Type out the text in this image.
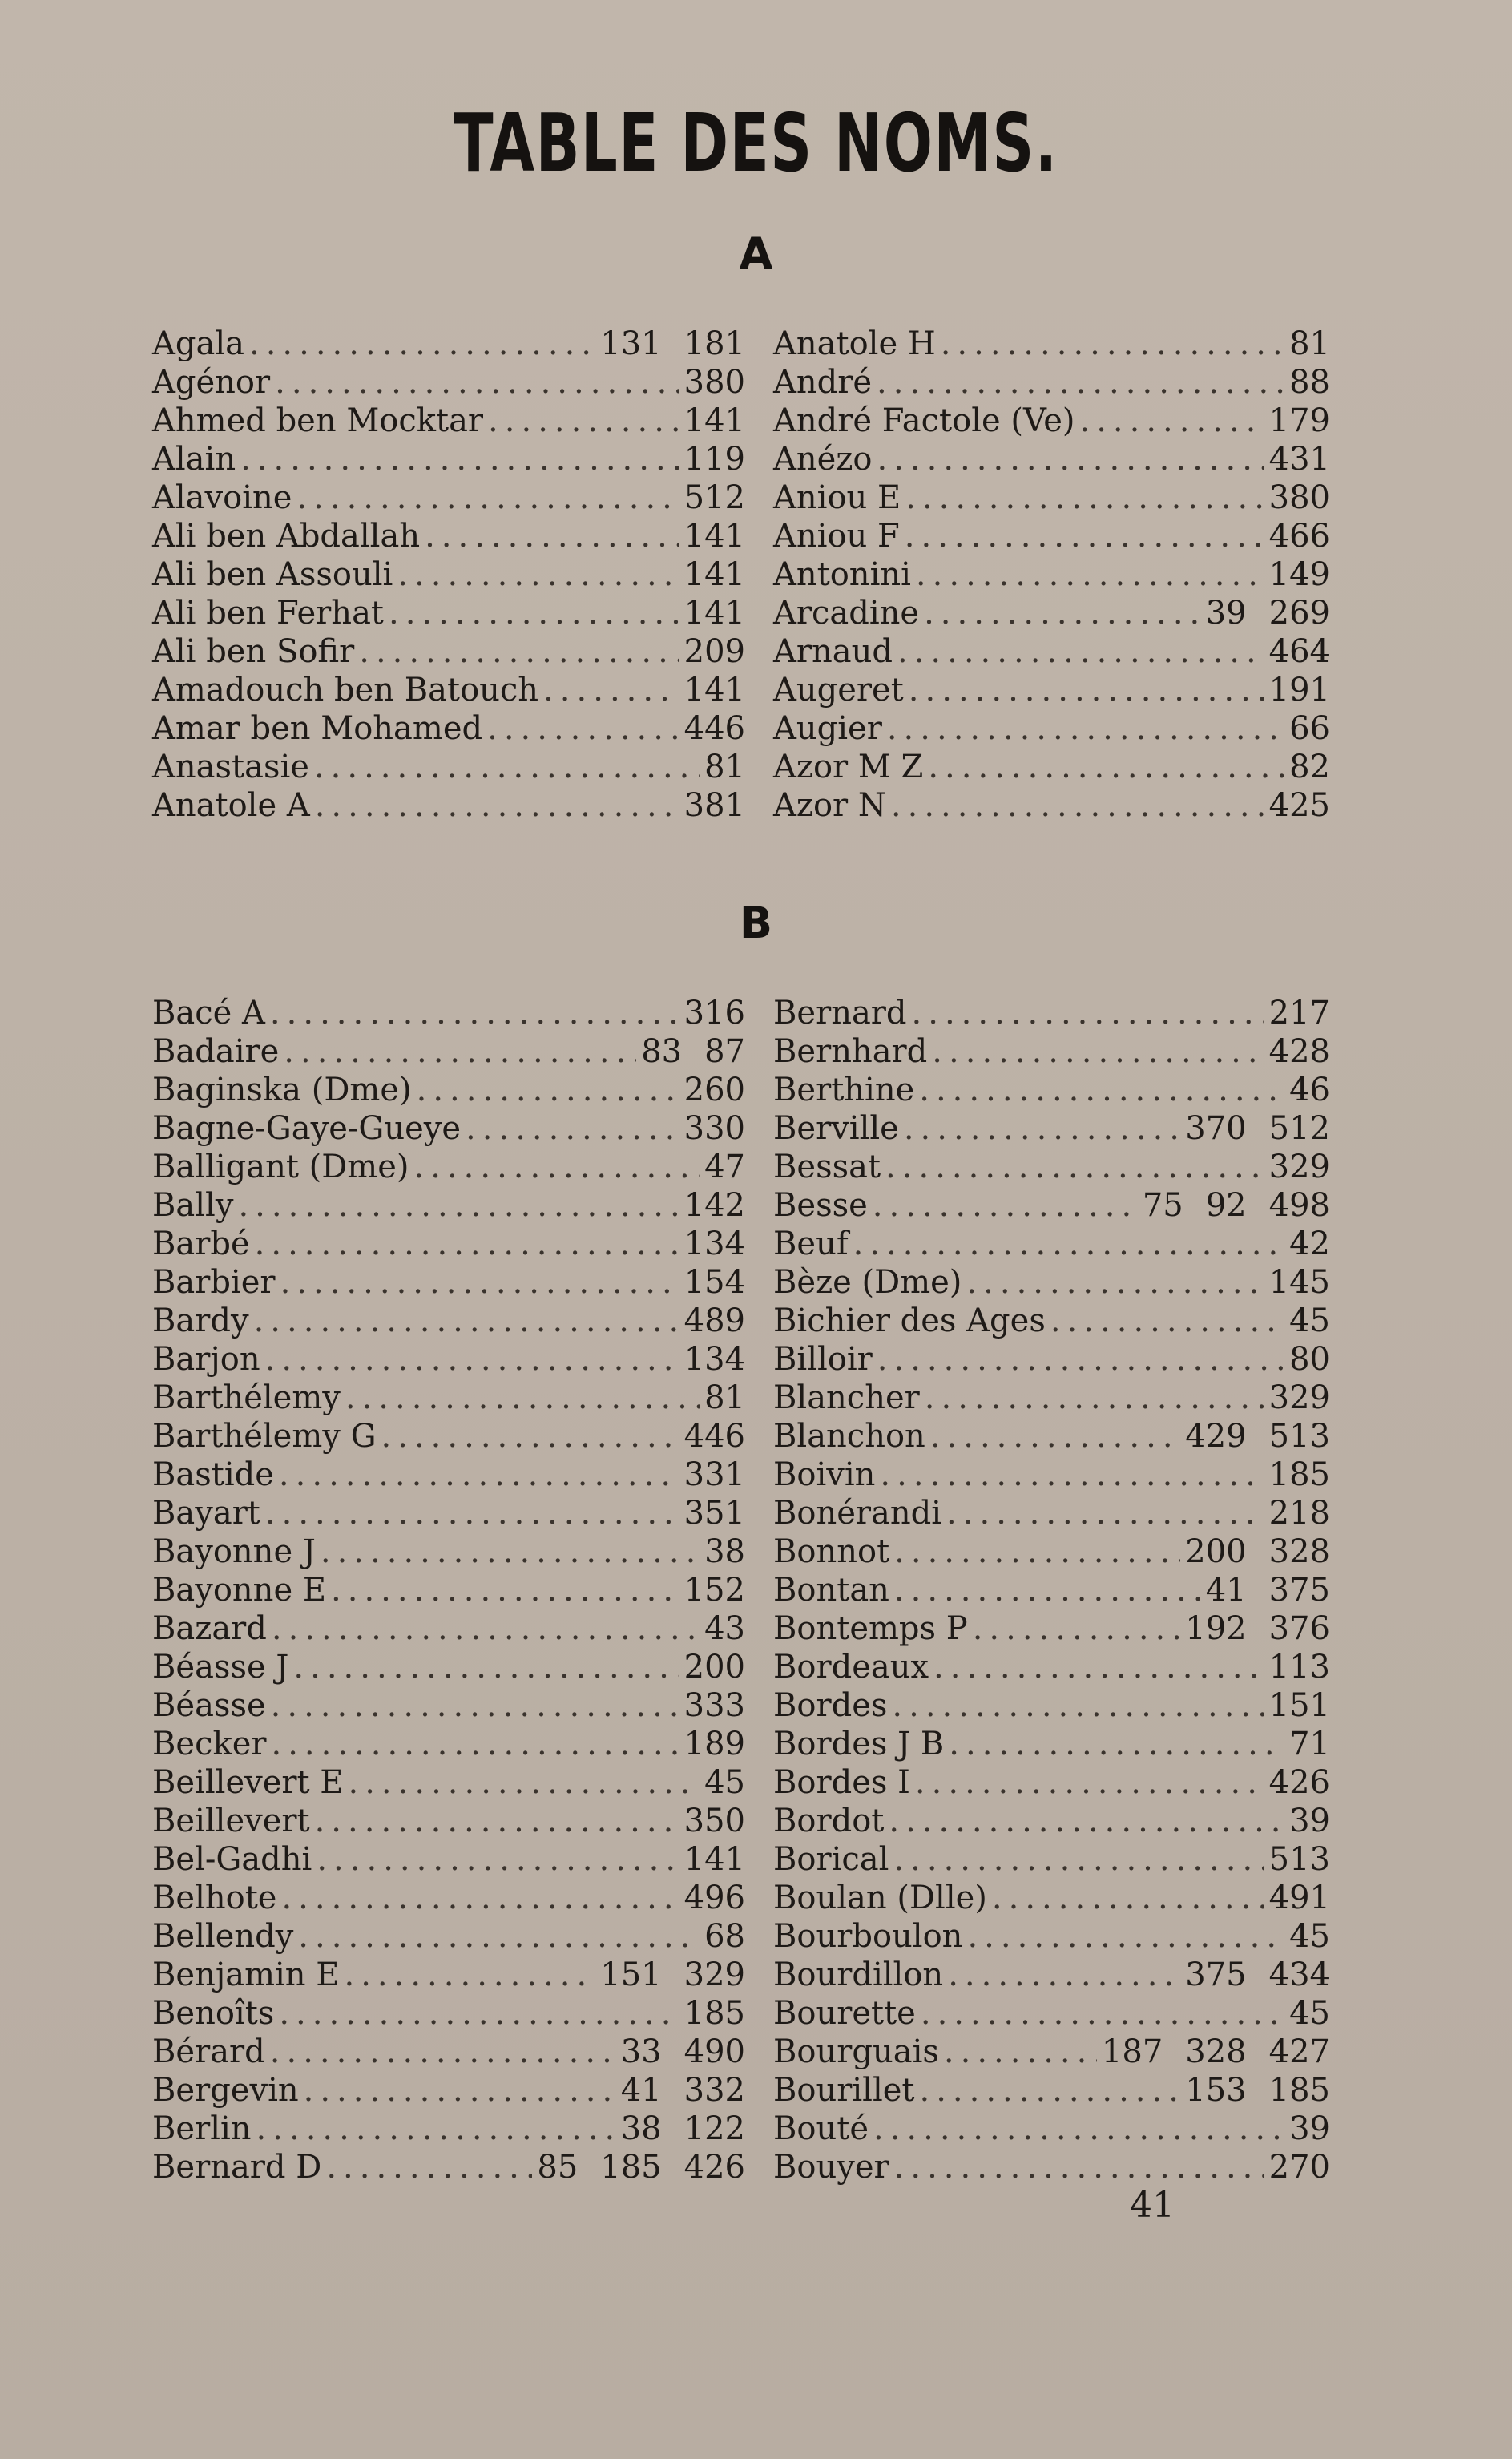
TABLE DES NOMS.
A
Agala .....	131 181
Agénor .....	380
Ahmed ben Mocktar .....	141
Alain .....	119
Alavoine .....	512
Ali ben Abdallah .....	141
Ali ben Assouli .....	141
Ali ben Ferhat .....	141
Ali ben Sofir .....	209
Amadouch ben Batouch .....	141
Amar ben Mohamed .....	446
Anastasie .....	81
Anatole A .....	381
Anatole H .....	81
André .....	88
André Factole (Ve) .....	179
Anézo .....	431
Aniou E .....	380
Aniou F .....	466
Antonini .....	149
Arcadine .....	39 269
Arnaud .....	464
Augeret .....	191
Augier .....	66
Azor M Z .....	82
Azor N .....	425
B
Bacé A .....	316
Badaire .....	83 87
Baginska (Dme) .....	260
Bagne-Gaye-Gueye .....	330
Balligant (Dme) .....	47
Bally .....	142
Barbé .....	134
Barbier .....	154
Bardy .....	489
Barjon .....	134
Barthélemy .....	81
Barthélemy G .....	446
Bastide .....	331
Bayart .....	351
Bayonne J .....	38
Bayonne E .....	152
Bazard .....	43
Béasse J .....	200
Béasse .....	333
Becker .....	189
Beillevert E .....	45
Beillevert .....	350
Bel-Gadhi .....	141
Belhote .....	496
Bellendy .....	68
Benjamin E .....	151 329
Benoîts .....	185
Bérard .....	33 490
Bergevin .....	41 332
Berlin .....	38 122
Bernard D .....	85 185 426
Bernard .....	217
Bernhard .....	428
Berthine .....	46
Berville .....	370 512
Bessat .....	329
Besse .....	75 92 498
Beuf .....	42
Bèze (Dme) .....	145
Bichier des Ages .....	45
Billoir .....	80
Blancher .....	329
Blanchon .....	429 513
Boivin .....	185
Bonérandi .....	218
Bonnot .....	200 328
Bontan .....	41 375
Bontemps P .....	192 376
Bordeaux .....	113
Bordes .....	151
Bordes J B .....	71
Bordes I .....	426
Bordot .....	39
Borical .....	513
Boulan (Dlle) .....	491
Bourboulon .....	45
Bourdillon .....	375 434
Bourette .....	45
Bourguais .....	187 328 427
Bourillet .....	153 185
Bouté .....	39
Bouyer .....	270
41
